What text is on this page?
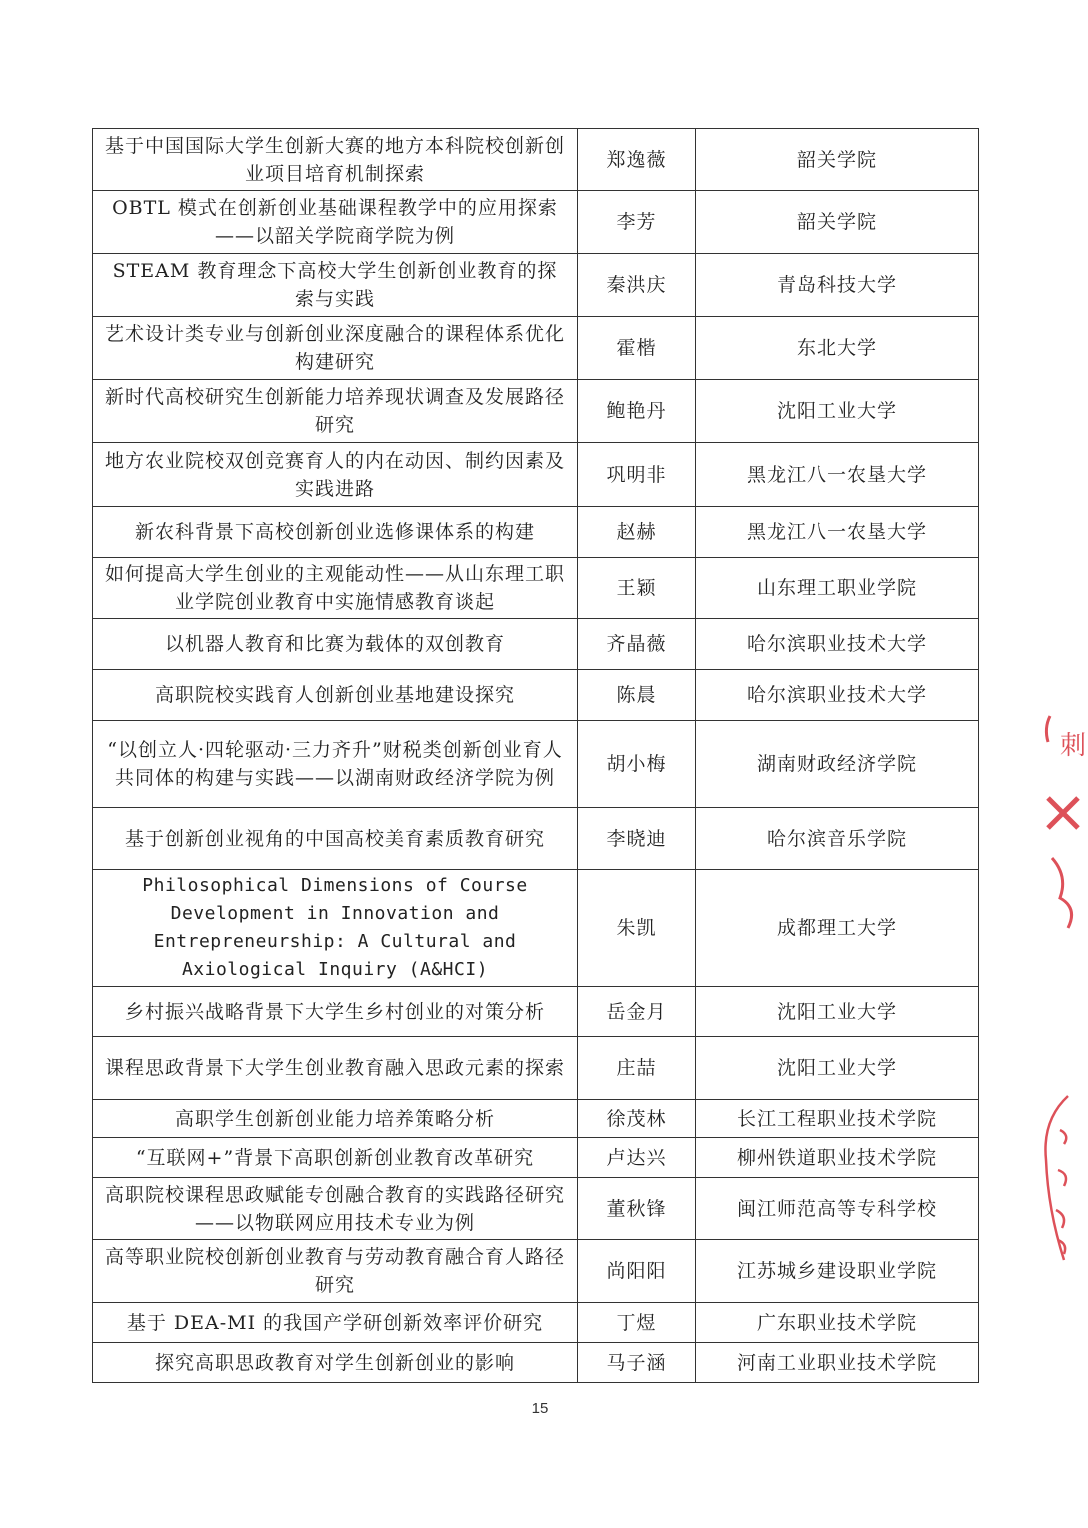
基于中国国际大学生创新大赛的地方本科院校创新创业项目培育机制探索	郑逸薇	韶关学院
OBTL 模式在创新创业基础课程教学中的应用探索——以韶关学院商学院为例	李芳	韶关学院
STEAM 教育理念下高校大学生创新创业教育的探索与实践	秦洪庆	青岛科技大学
艺术设计类专业与创新创业深度融合的课程体系优化构建研究	霍楷	东北大学
新时代高校研究生创新能力培养现状调查及发展路径研究	鲍艳丹	沈阳工业大学
地方农业院校双创竞赛育人的内在动因、制约因素及实践进路	巩明非	黑龙江八一农垦大学
新农科背景下高校创新创业选修课体系的构建	赵赫	黑龙江八一农垦大学
如何提高大学生创业的主观能动性——从山东理工职业学院创业教育中实施情感教育谈起	王颖	山东理工职业学院
以机器人教育和比赛为载体的双创教育	齐晶薇	哈尔滨职业技术大学
高职院校实践育人创新创业基地建设探究	陈晨	哈尔滨职业技术大学
“以创立人·四轮驱动·三力齐升”财税类创新创业育人共同体的构建与实践——以湖南财政经济学院为例	胡小梅	湖南财政经济学院
基于创新创业视角的中国高校美育素质教育研究	李晓迪	哈尔滨音乐学院
Philosophical Dimensions of Course Development in Innovation and Entrepreneurship: A Cultural and Axiological Inquiry (A&HCI)	朱凯	成都理工大学
乡村振兴战略背景下大学生乡村创业的对策分析	岳金月	沈阳工业大学
课程思政背景下大学生创业教育融入思政元素的探索	庄喆	沈阳工业大学
高职学生创新创业能力培养策略分析	徐茂林	长江工程职业技术学院
“互联网+”背景下高职创新创业教育改革研究	卢达兴	柳州铁道职业技术学院
高职院校课程思政赋能专创融合教育的实践路径研究——以物联网应用技术专业为例	董秋锋	闽江师范高等专科学校
高等职业院校创新创业教育与劳动教育融合育人路径研究	尚阳阳	江苏城乡建设职业学院
基于 DEA-MI 的我国产学研创新效率评价研究	丁煜	广东职业技术学院
探究高职思政教育对学生创新创业的影响	马子涵	河南工业职业技术学院
15
刺
